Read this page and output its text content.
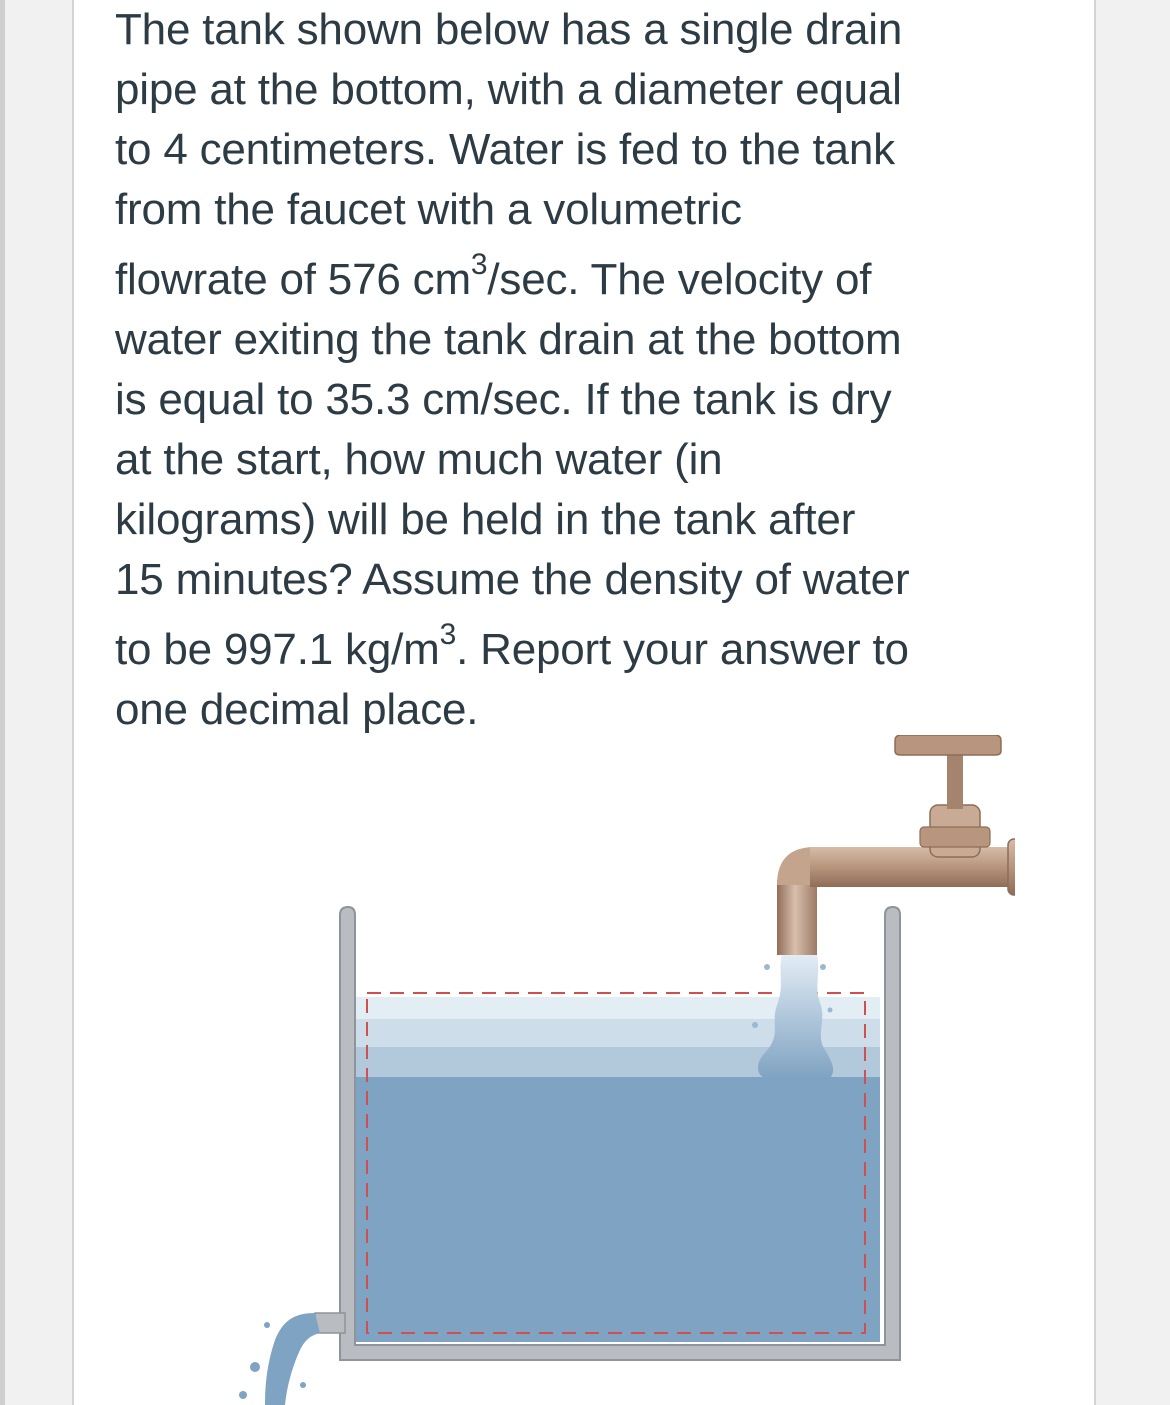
The tank shown below has a single drain

pipe at the bottom, with a diameter equal

to 4 centimeters. Water is fed to the tank

from the faucet with a volumetric

flowrate of 576 $cm^3/\sec$. The velocity of

water exiting the tank drain at the bottom

is equal to 35.3 cm/sec. If the tank is dry

at the start, how much water (in

kilograms) will be held in the tank after

15 minutes? Assume the density of water

to be 997.1 $kg/m^3$. Report your answer to

one decimal place.
